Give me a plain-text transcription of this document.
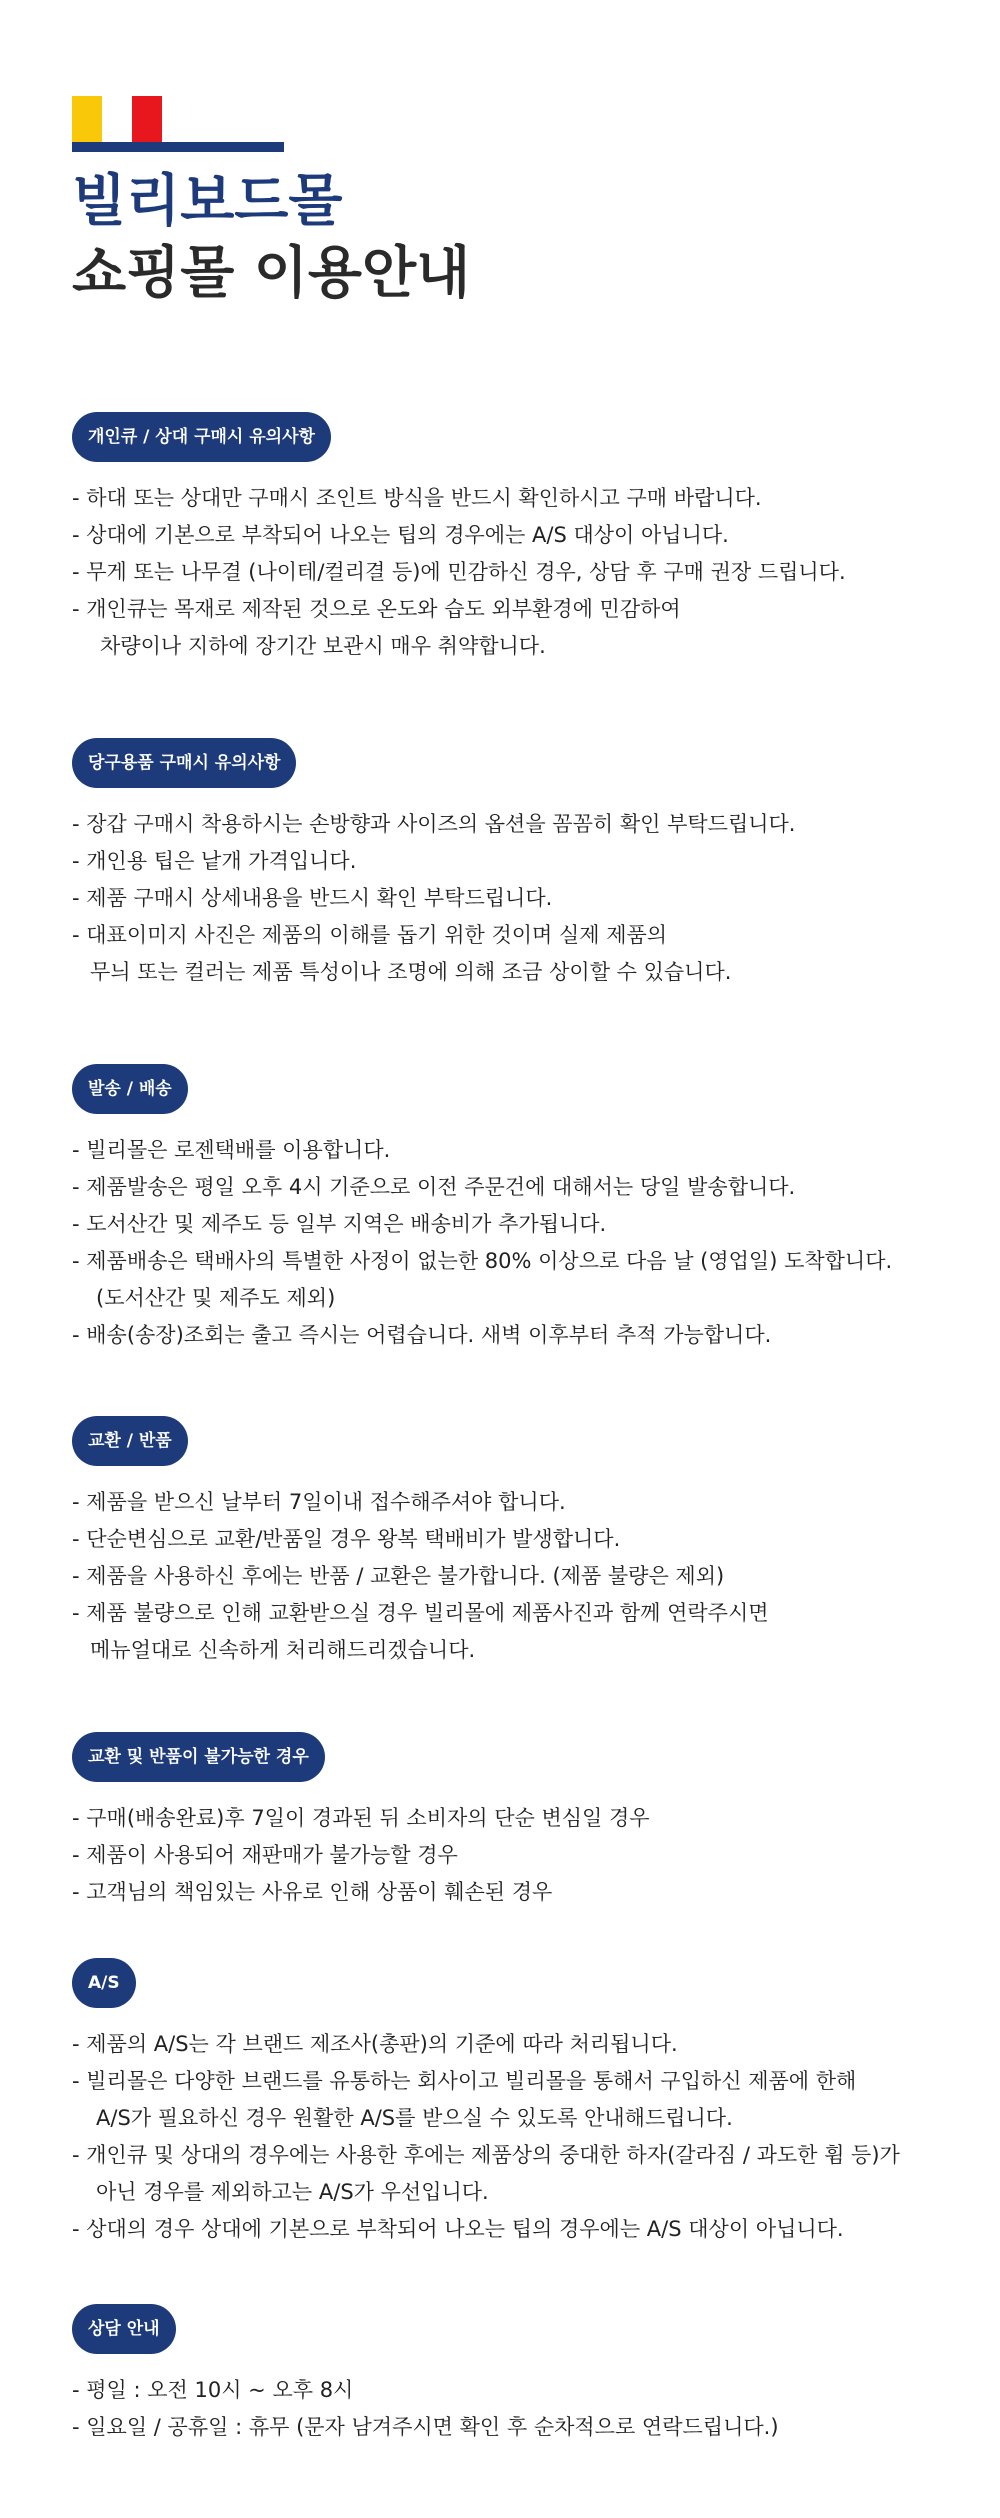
빌리보드몰
쇼핑몰 이용안내
개인큐 / 상대 구매시 유의사항
- 하대 또는 상대만 구매시 조인트 방식을 반드시 확인하시고 구매 바랍니다.
- 상대에 기본으로 부착되어 나오는 팁의 경우에는 A/S 대상이 아닙니다.
- 무게 또는 나무결 (나이테/컬리결 등)에 민감하신 경우, 상담 후 구매 권장 드립니다.
- 개인큐는 목재로 제작된 것으로 온도와 습도 외부환경에 민감하여
차량이나 지하에 장기간 보관시 매우 취약합니다.
당구용품 구매시 유의사항
- 장갑 구매시 착용하시는 손방향과 사이즈의 옵션을 꼼꼼히 확인 부탁드립니다.
- 개인용 팁은 낱개 가격입니다.
- 제품 구매시 상세내용을 반드시 확인 부탁드립니다.
- 대표이미지 사진은 제품의 이해를 돕기 위한 것이며 실제 제품의
무늬 또는 컬러는 제품 특성이나 조명에 의해 조금 상이할 수 있습니다.
발송 / 배송
- 빌리몰은 로젠택배를 이용합니다.
- 제품발송은 평일 오후 4시 기준으로 이전 주문건에 대해서는 당일 발송합니다.
- 도서산간 및 제주도 등 일부 지역은 배송비가 추가됩니다.
- 제품배송은 택배사의 특별한 사정이 없는한 80% 이상으로 다음 날 (영업일) 도착합니다.
(도서산간 및 제주도 제외)
- 배송(송장)조회는 출고 즉시는 어렵습니다. 새벽 이후부터 추적 가능합니다.
교환 / 반품
- 제품을 받으신 날부터 7일이내 접수해주셔야 합니다.
- 단순변심으로 교환/반품일 경우 왕복 택배비가 발생합니다.
- 제품을 사용하신 후에는 반품 / 교환은 불가합니다. (제품 불량은 제외)
- 제품 불량으로 인해 교환받으실 경우 빌리몰에 제품사진과 함께 연락주시면
메뉴얼대로 신속하게 처리해드리겠습니다.
교환 및 반품이 불가능한 경우
- 구매(배송완료)후 7일이 경과된 뒤 소비자의 단순 변심일 경우
- 제품이 사용되어 재판매가 불가능할 경우
- 고객님의 책임있는 사유로 인해 상품이 훼손된 경우
A/S
- 제품의 A/S는 각 브랜드 제조사(총판)의 기준에 따라 처리됩니다.
- 빌리몰은 다양한 브랜드를 유통하는 회사이고 빌리몰을 통해서 구입하신 제품에 한해
A/S가 필요하신 경우 원활한 A/S를 받으실 수 있도록 안내해드립니다.
- 개인큐 및 상대의 경우에는 사용한 후에는 제품상의 중대한 하자(갈라짐 / 과도한 휨 등)가
아닌 경우를 제외하고는 A/S가 우선입니다.
- 상대의 경우 상대에 기본으로 부착되어 나오는 팁의 경우에는 A/S 대상이 아닙니다.
상담 안내
- 평일 : 오전 10시 ~ 오후 8시
- 일요일 / 공휴일 : 휴무 (문자 남겨주시면 확인 후 순차적으로 연락드립니다.)
